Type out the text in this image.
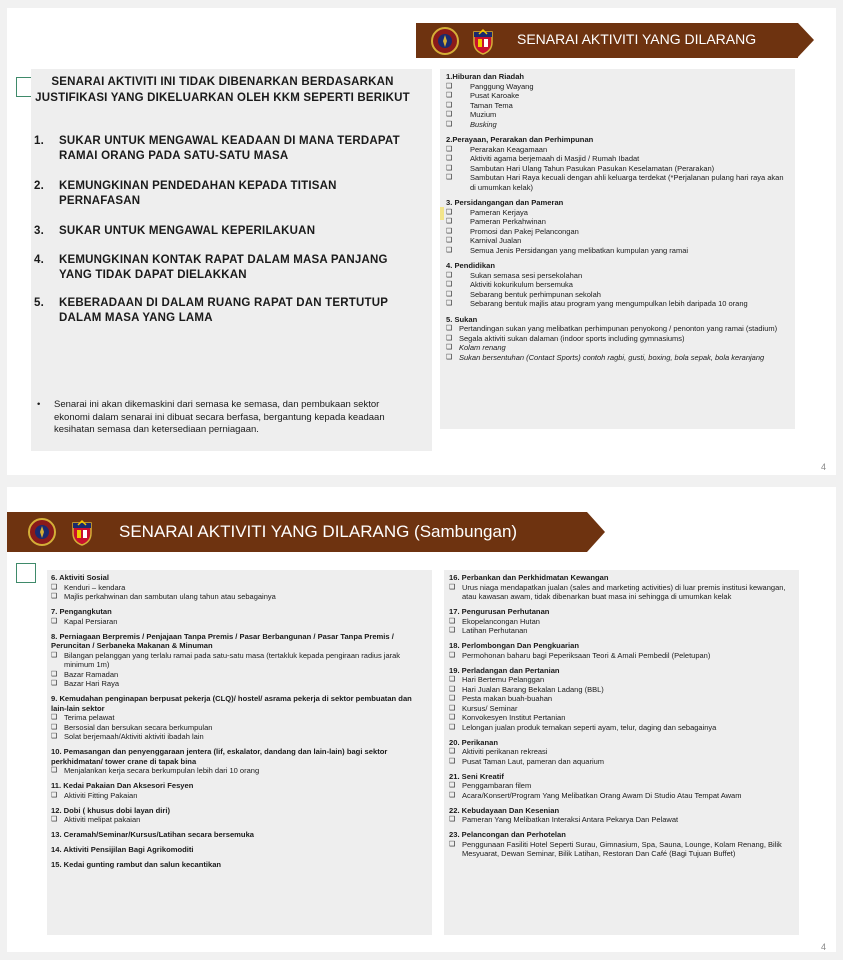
SENARAI AKTIVITI YANG DILARANG
SENARAI AKTIVITI INI TIDAK DIBENARKAN BERDASARKAN JUSTIFIKASI YANG DIKELUARKAN OLEH KKM SEPERTI BERIKUT
1.	SUKAR UNTUK MENGAWAL KEADAAN DI MANA TERDAPAT RAMAI ORANG PADA SATU-SATU MASA
2.	KEMUNGKINAN PENDEDAHAN KEPADA TITISAN PERNAFASAN
3.	SUKAR UNTUK MENGAWAL KEPERILAKUAN
4.	KEMUNGKINAN KONTAK RAPAT DALAM MASA PANJANG YANG TIDAK DAPAT DIELAKKAN
5.	KEBERADAAN DI DALAM RUANG RAPAT DAN TERTUTUP DALAM MASA YANG LAMA
•	Senarai ini akan dikemaskini dari semasa ke semasa, dan pembukaan sektor ekonomi dalam senarai ini dibuat secara berfasa, bergantung kepada keadaan kesihatan semasa dan ketersediaan perniagaan.
1.Hiburan dan Riadah
❑	Panggung Wayang
❑	Pusat Karoake
❑	Taman Tema
❑	Muzium
❑	Busking
2.Perayaan, Perarakan dan Perhimpunan
❑	Perarakan Keagamaan
❑	Aktiviti agama berjemaah di Masjid / Rumah Ibadat
❑	Sambutan Hari Ulang Tahun Pasukan Pasukan Keselamatan (Perarakan)
❑	Sambutan Hari Raya kecuali dengan ahli keluarga terdekat (*Perjalanan pulang hari raya akan di umumkan kelak)
3. Persidangangan dan Pameran
❑	Pameran Kerjaya
❑	Pameran Perkahwinan
❑	Promosi dan Pakej Pelancongan
❑	Karnival Jualan
❑	Semua Jenis Persidangan yang melibatkan kumpulan yang ramai
4. Pendidikan
❑	Sukan semasa sesi persekolahan
❑	Aktiviti kokurikulum bersemuka
❑	Sebarang bentuk perhimpunan sekolah
❑	Sebarang bentuk majlis atau program yang mengumpulkan lebih daripada 10 orang
5. Sukan
❑ Pertandingan sukan yang melibatkan perhimpunan penyokong / penonton yang ramai (stadium)
❑ Segala aktiviti sukan dalaman (indoor sports including gymnasiums)
❑ Kolam renang
❑ Sukan bersentuhan (Contact Sports) contoh ragbi, gusti, boxing, bola sepak, bola keranjang
4
SENARAI AKTIVITI YANG DILARANG (Sambungan)
6. Aktiviti Sosial
❑ Kenduri – kendara
❑ Majlis perkahwinan dan sambutan ulang tahun atau sebagainya
7. Pengangkutan
❑ Kapal Persiaran
8. Perniagaan Berpremis / Penjajaan Tanpa Premis / Pasar Berbangunan / Pasar Tanpa Premis / Peruncitan / Serbaneka Makanan & Minuman
❑ Bilangan pelanggan yang terlalu ramai pada satu-satu masa (tertakluk kepada pengiraan radius jarak minimum 1m)
❑ Bazar Ramadan
❑ Bazar Hari Raya
9. Kemudahan penginapan berpusat pekerja (CLQ)/ hostel/ asrama pekerja di sektor pembuatan dan lain-lain sektor
❑ Terima pelawat
❑ Bersosial dan bersukan secara berkumpulan
❑ Solat berjemaah/Aktiviti aktiviti ibadah lain
10. Pemasangan dan penyenggaraan jentera (lif, eskalator, dandang dan lain-lain) bagi sektor perkhidmatan/ tower crane di tapak bina
❑ Menjalankan kerja secara berkumpulan lebih dari 10 orang
11. Kedai Pakaian Dan Aksesori Fesyen
❑ Aktiviti Fitting Pakaian
12. Dobi ( khusus dobi layan diri)
❑ Aktiviti melipat pakaian
13. Ceramah/Seminar/Kursus/Latihan secara bersemuka
14. Aktiviti Pensijilan Bagi Agrikomoditi
15. Kedai gunting rambut dan salun kecantikan
16. Perbankan dan Perkhidmatan Kewangan
❑ Urus niaga mendapatkan jualan (sales and marketing activities) di luar premis institusi kewangan, atau kawasan awam, tidak dibenarkan buat masa ini sehingga di umumkan kelak
17. Pengurusan Perhutanan
❑ Ekopelancongan Hutan
❑ Latihan Perhutanan
18. Perlombongan Dan Pengkuarian
❑ Permohonan baharu bagi Peperiksaan Teori & Amali Pembedil (Peletupan)
19. Perladangan dan Pertanian
❑ Hari Bertemu Pelanggan
❑ Hari Jualan Barang Bekalan Ladang (BBL)
❑ Pesta makan buah-buahan
❑ Kursus/ Seminar
❑ Konvokesyen Institut Pertanian
❑ Lelongan jualan produk ternakan seperti ayam, telur, daging dan sebagainya
20. Perikanan
❑ Aktiviti perikanan rekreasi
❑ Pusat Taman Laut, pameran dan aquarium
21. Seni Kreatif
❑ Penggambaran filem
❑ Acara/Konsert/Program Yang Melibatkan Orang Awam Di Studio Atau Tempat Awam
22. Kebudayaan Dan Kesenian
❑ Pameran Yang Melibatkan Interaksi Antara Pekarya Dan Pelawat
23. Pelancongan dan Perhotelan
❑ Penggunaan Fasiliti Hotel Seperti Surau, Gimnasium, Spa, Sauna, Lounge, Kolam Renang, Bilik Mesyuarat, Dewan Seminar, Bilik Latihan, Restoran Dan Café (Bagi Tujuan Buffet)
4
